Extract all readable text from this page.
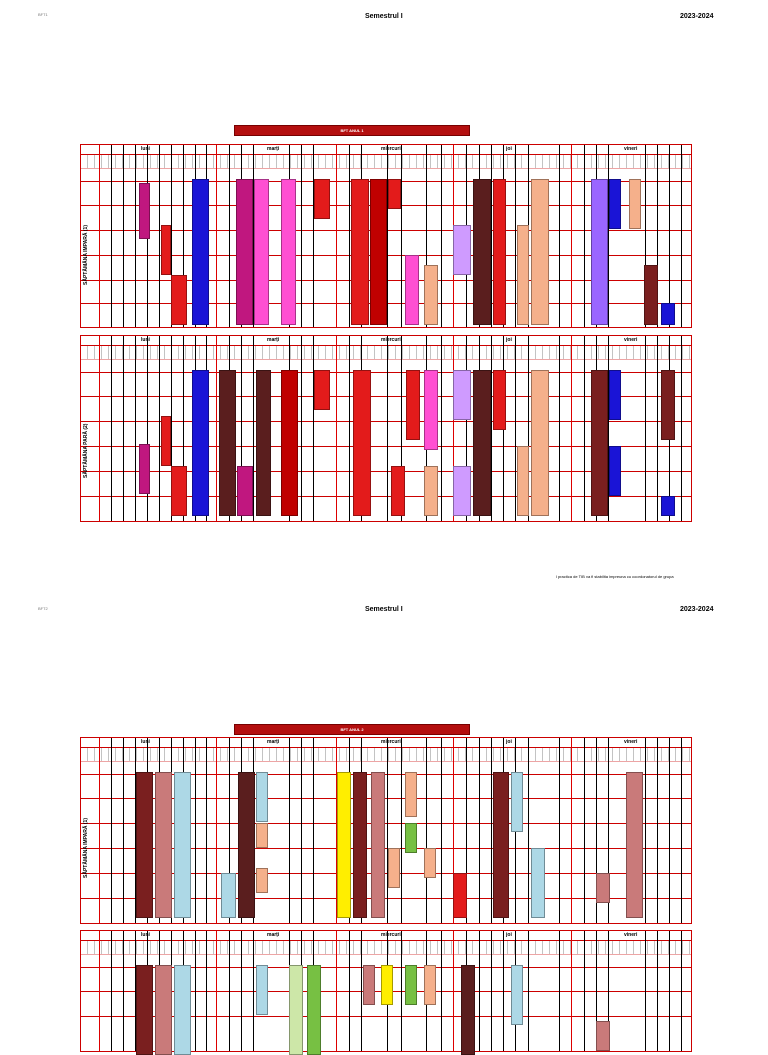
BFT1	Semestrul I	2023-2024
BFT ANUL 1
luni	marți	miercuri	joi	vineri
SĂPTĂMÂNA IMPARĂ (1)
luni	marți	miercuri	joi	vineri
SĂPTĂMÂNA PARĂ (2)
l practica de TIB va fi stabilita impreuna cu coordonatorul de grupa
BFT2	Semestrul I	2023-2024
BFT ANUL 2
luni	marți	miercuri	joi	vineri
SĂPTĂMÂNA IMPARĂ (1)
luni	marți	miercuri	joi	vineri
